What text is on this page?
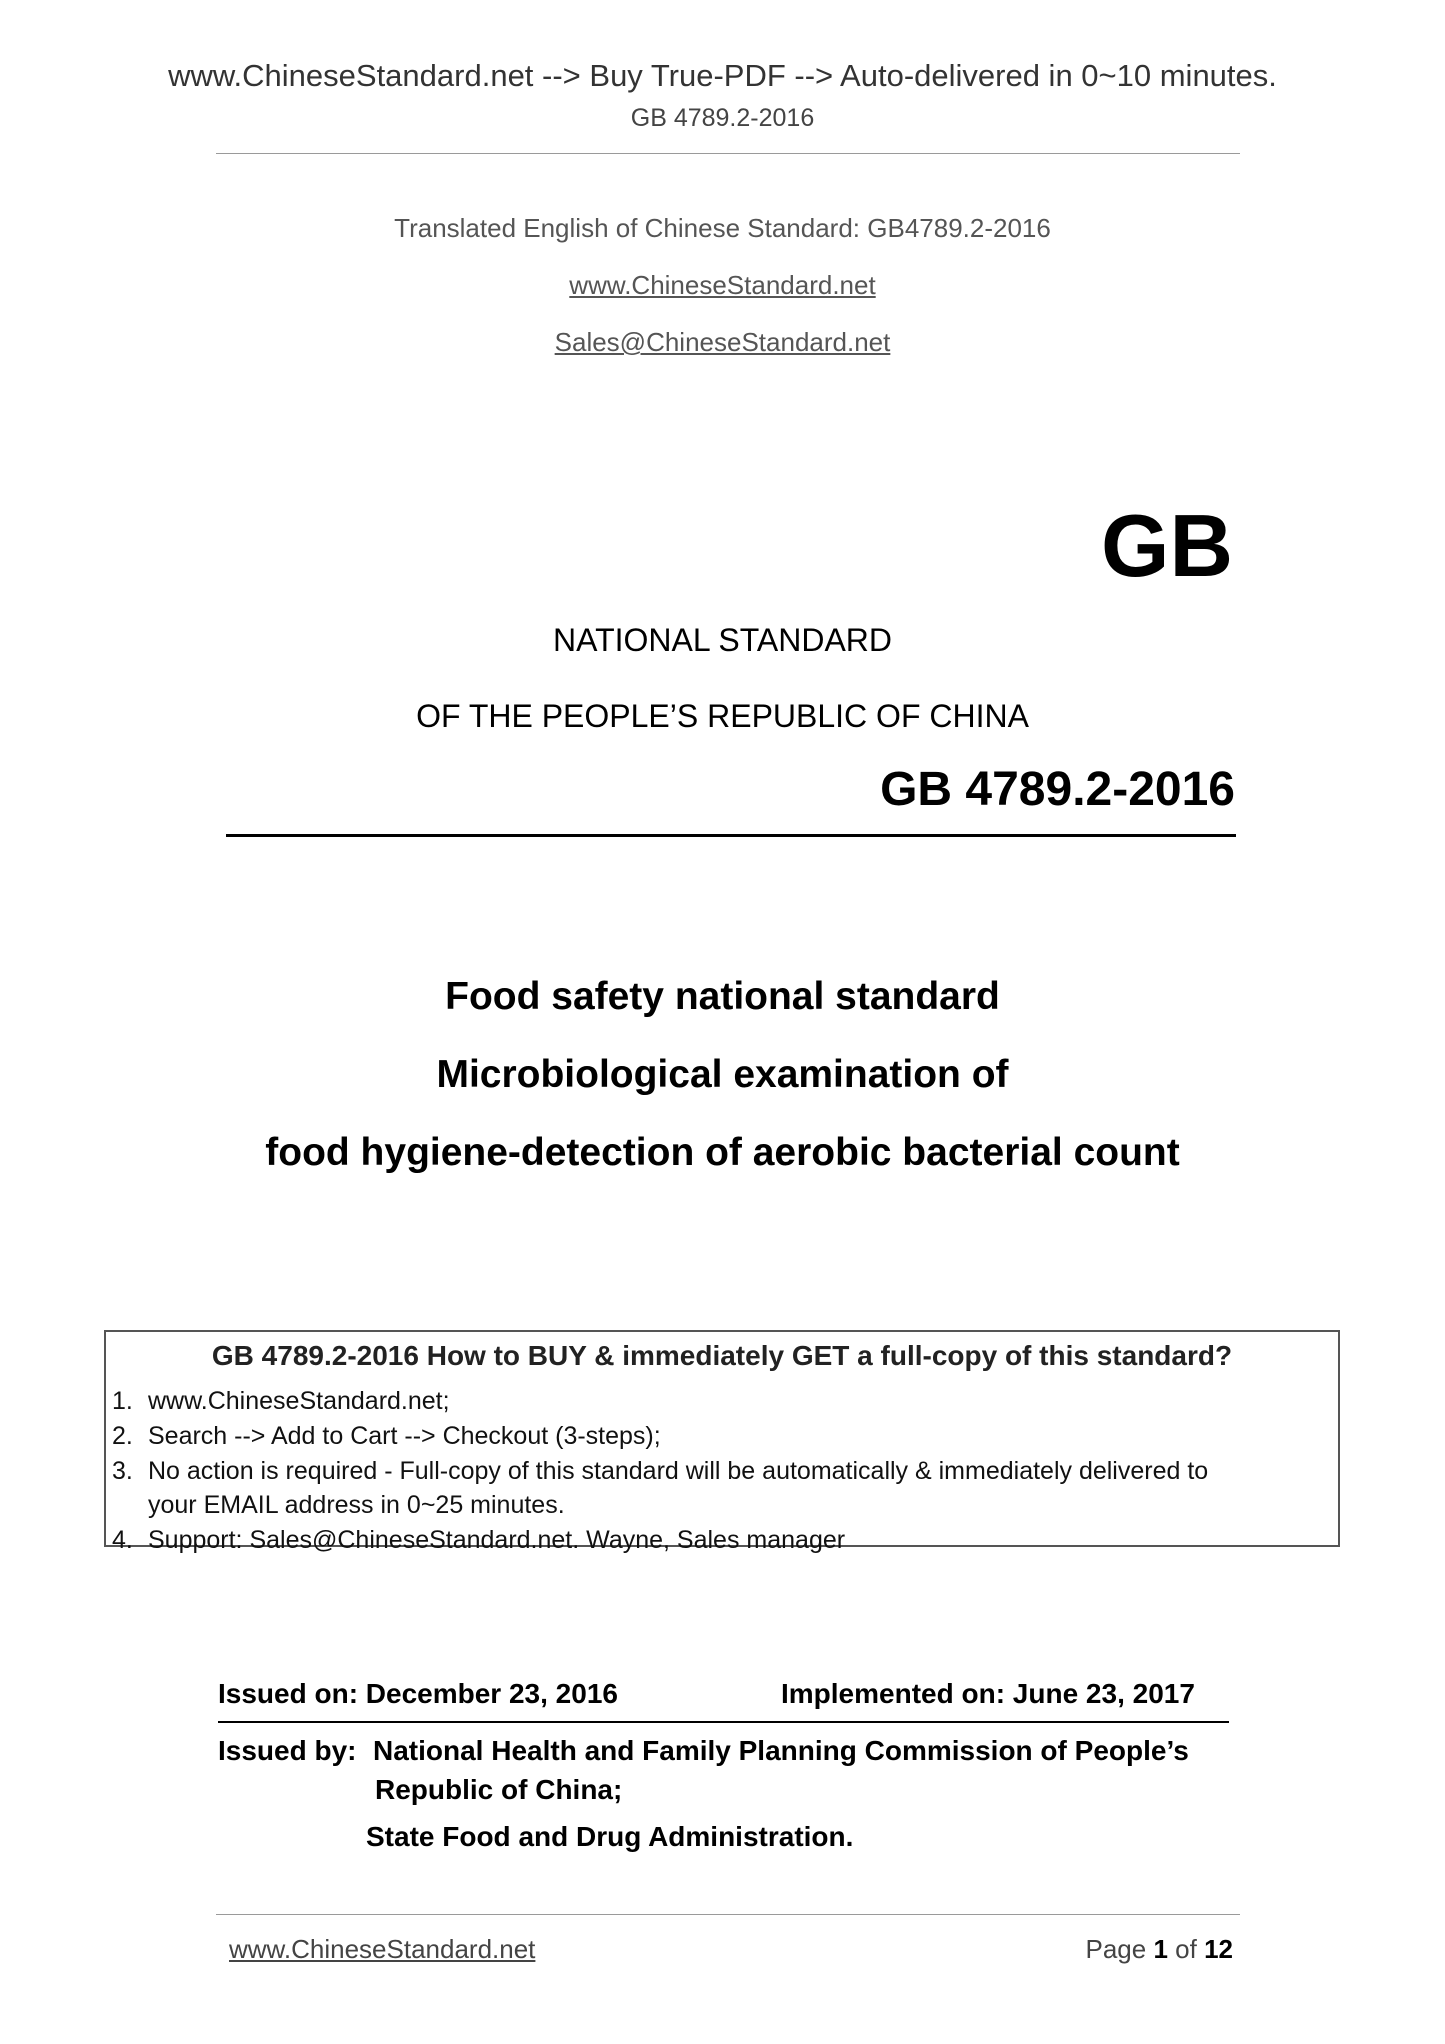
www.ChineseStandard.net --> Buy True-PDF --> Auto-delivered in 0~10 minutes.
GB 4789.2-2016
Translated English of Chinese Standard: GB4789.2-2016
www.ChineseStandard.net
Sales@ChineseStandard.net
GB
NATIONAL STANDARD
OF THE PEOPLE’S REPUBLIC OF CHINA
GB 4789.2-2016
Food safety national standard
Microbiological examination of
food hygiene-detection of aerobic bacterial count
GB 4789.2-2016 How to BUY & immediately GET a full-copy of this standard?
1. www.ChineseStandard.net;
2. Search --> Add to Cart --> Checkout (3-steps);
3. No action is required - Full-copy of this standard will be automatically & immediately delivered to
your EMAIL address in 0~25 minutes.
4. Support: Sales@ChineseStandard.net. Wayne, Sales manager
Issued on: December 23, 2016	Implemented on: June 23, 2017
Issued by: National Health and Family Planning Commission of People’s
Republic of China;
State Food and Drug Administration.
www.ChineseStandard.net	Page 1 of 12
